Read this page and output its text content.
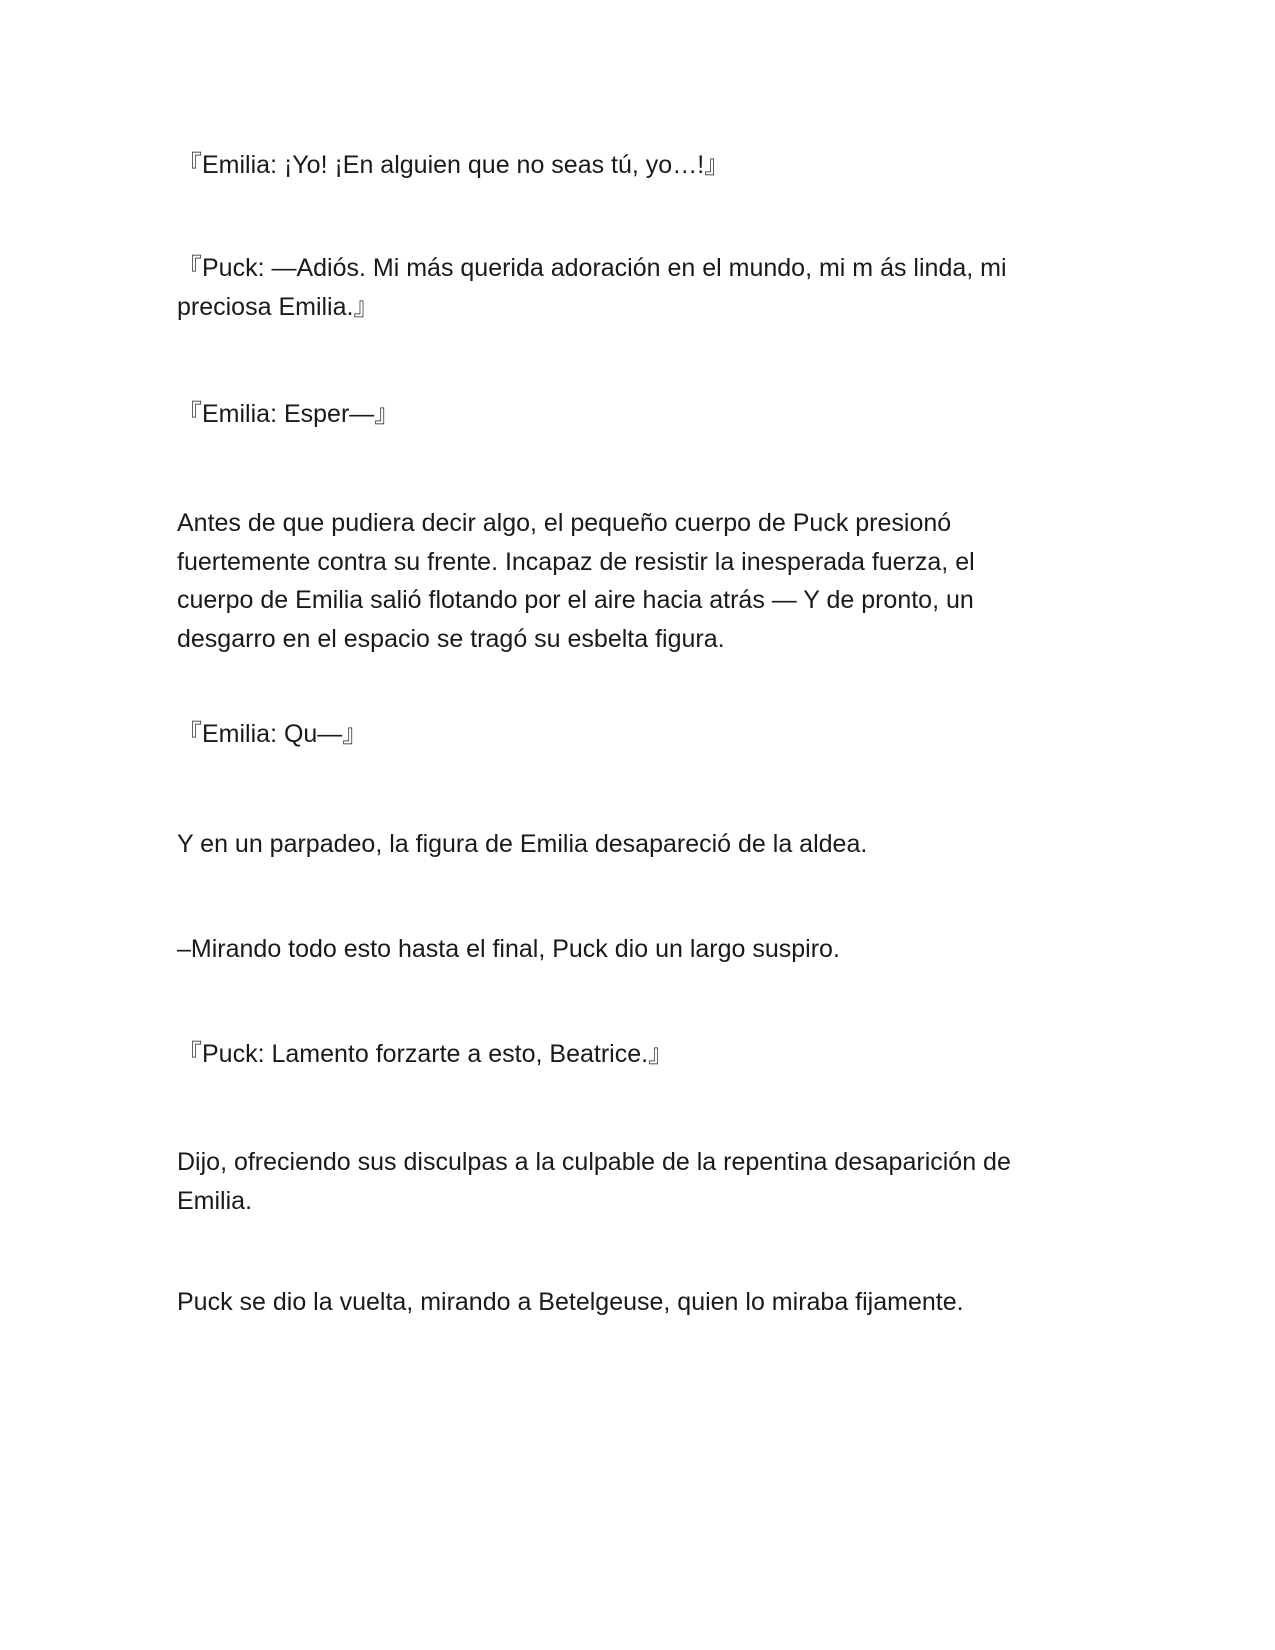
『Emilia: ¡Yo! ¡En alguien que no seas tú, yo…!』

『Puck: —Adiós. Mi más querida adoración en el mundo, mi m ás linda, mi
preciosa Emilia.』

『Emilia: Esper—』

Antes de que pudiera decir algo, el pequeño cuerpo de Puck presionó
fuertemente contra su frente. Incapaz de resistir la inesperada fuerza, el
cuerpo de Emilia salió flotando por el aire hacia atrás — Y de pronto, un
desgarro en el espacio se tragó su esbelta figura.

『Emilia: Qu—』

Y en un parpadeo, la figura de Emilia desapareció de la aldea.

–Mirando todo esto hasta el final, Puck dio un largo suspiro.

『Puck: Lamento forzarte a esto, Beatrice.』

Dijo, ofreciendo sus disculpas a la culpable de la repentina desaparición de
Emilia.

Puck se dio la vuelta, mirando a Betelgeuse, quien lo miraba fijamente.
